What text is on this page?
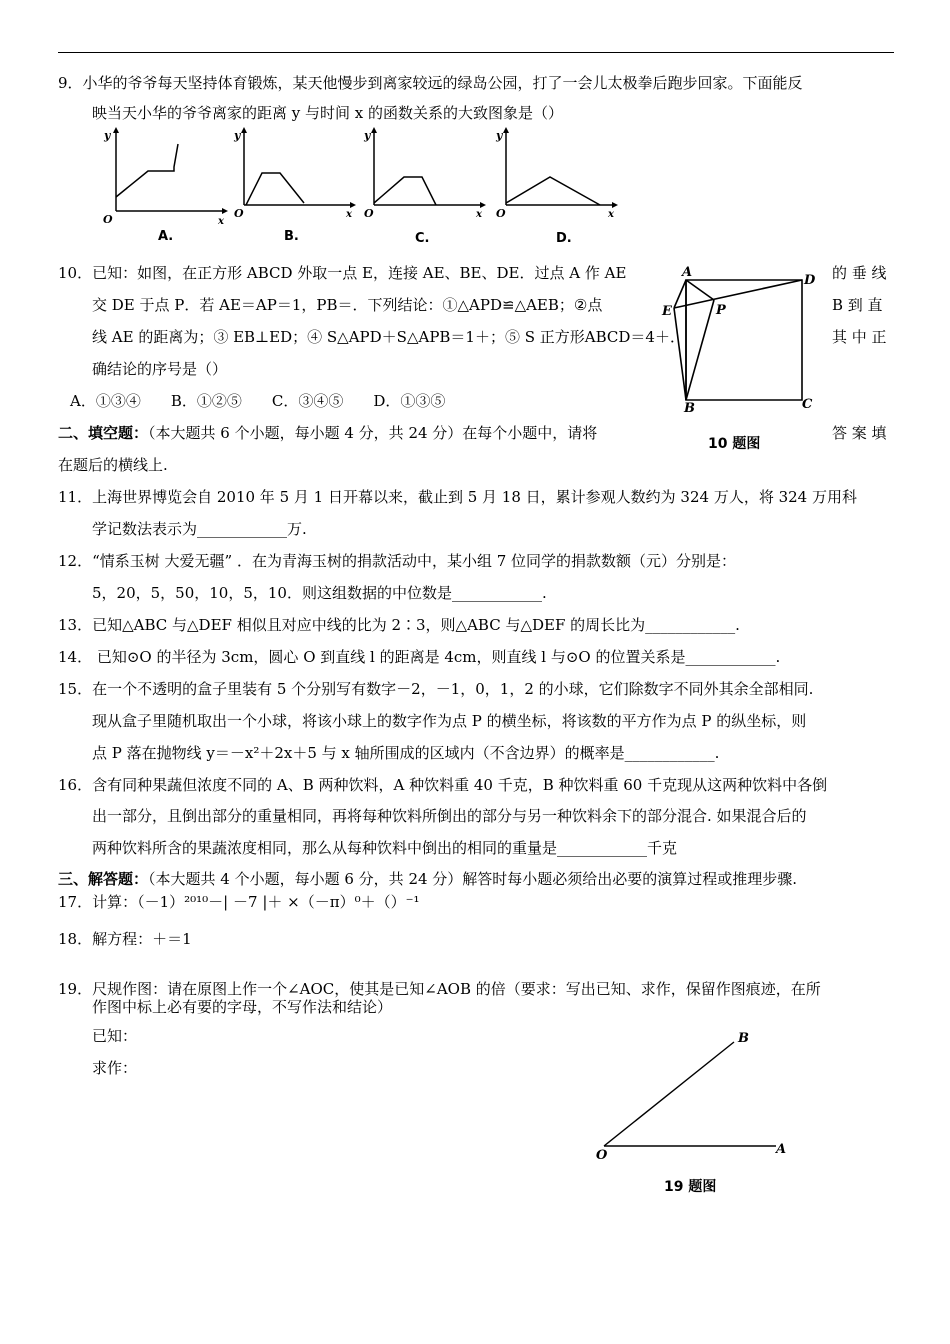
9．小华的爷爷每天坚持体育锻炼，某天他慢步到离家较远的绿岛公园，打了一会儿太极拳后跑步回家。下面能反
映当天小华的爷爷离家的距离 y 与时间 x 的函数关系的大致图象是（）
y
O	x
A.
y
O	x
B.
y
O	x
C.
y
O	x
D.
10．已知：如图，在正方形 ABCD 外取一点 E，连接 AE、BE、DE．过点 A 作 AE	的 垂 线
交 DE 于点 P．若 AE＝AP＝1，PB＝．下列结论：①△APD≌△AEB；②点	B 到 直
线 AE 的距离为；③ EB⊥ED；④ S△APD＋S△APB＝1＋；⑤ S 正方形ABCD＝4＋．	其 中 正
确结论的序号是（）
A．①③④　　B．①②⑤　　C．③④⑤　　D．①③⑤
A
D
E	P
B	C
10 题图
二、填空题：（本大题共 6 个小题，每小题 4 分，共 24 分）在每个小题中，请将	答 案 填
在题后的横线上.
11．上海世界博览会自 2010 年 5 月 1 日开幕以来，截止到 5 月 18 日，累计参观人数约为 324 万人，将 324 万用科
学记数法表示为____________万.
12．“情系玉树 大爱无疆” ．在为青海玉树的捐款活动中，某小组 7 位同学的捐款数额（元）分别是：
5，20，5，50，10，5，10．则这组数据的中位数是____________.
13．已知△ABC 与△DEF 相似且对应中线的比为 2∶3，则△ABC 与△DEF 的周长比为____________.
14． 已知⊙O 的半径为 3cm，圆心 O 到直线 l 的距离是 4cm，则直线 l 与⊙O 的位置关系是____________.
15．在一个不透明的盒子里装有 5 个分别写有数字－2，－1，0，1，2 的小球，它们除数字不同外其余全部相同.
现从盒子里随机取出一个小球，将该小球上的数字作为点 P 的横坐标，将该数的平方作为点 P 的纵坐标，则
点 P 落在抛物线 y＝－x²＋2x＋5 与 x 轴所围成的区域内（不含边界）的概率是____________.
16．含有同种果蔬但浓度不同的 A、B 两种饮料，A 种饮料重 40 千克，B 种饮料重 60 千克现从这两种饮料中各倒
出一部分，且倒出部分的重量相同，再将每种饮料所倒出的部分与另一种饮料余下的部分混合. 如果混合后的
两种饮料所含的果蔬浓度相同，那么从每种饮料中倒出的相同的重量是____________千克
三、解答题：（本大题共 4 个小题，每小题 6 分，共 24 分）解答时每小题必须给出必要的演算过程或推理步骤.
17．计算：（－1）²⁰¹⁰－| －7 |＋ ×（－π）⁰＋（）⁻¹
18．解方程：＋＝1
19．尺规作图：请在原图上作一个∠AOC，使其是已知∠AOB 的倍（要求：写出已知、求作，保留作图痕迹，在所
作图中标上必有要的字母，不写作法和结论）
已知：
求作：
B
O	A
19 题图
